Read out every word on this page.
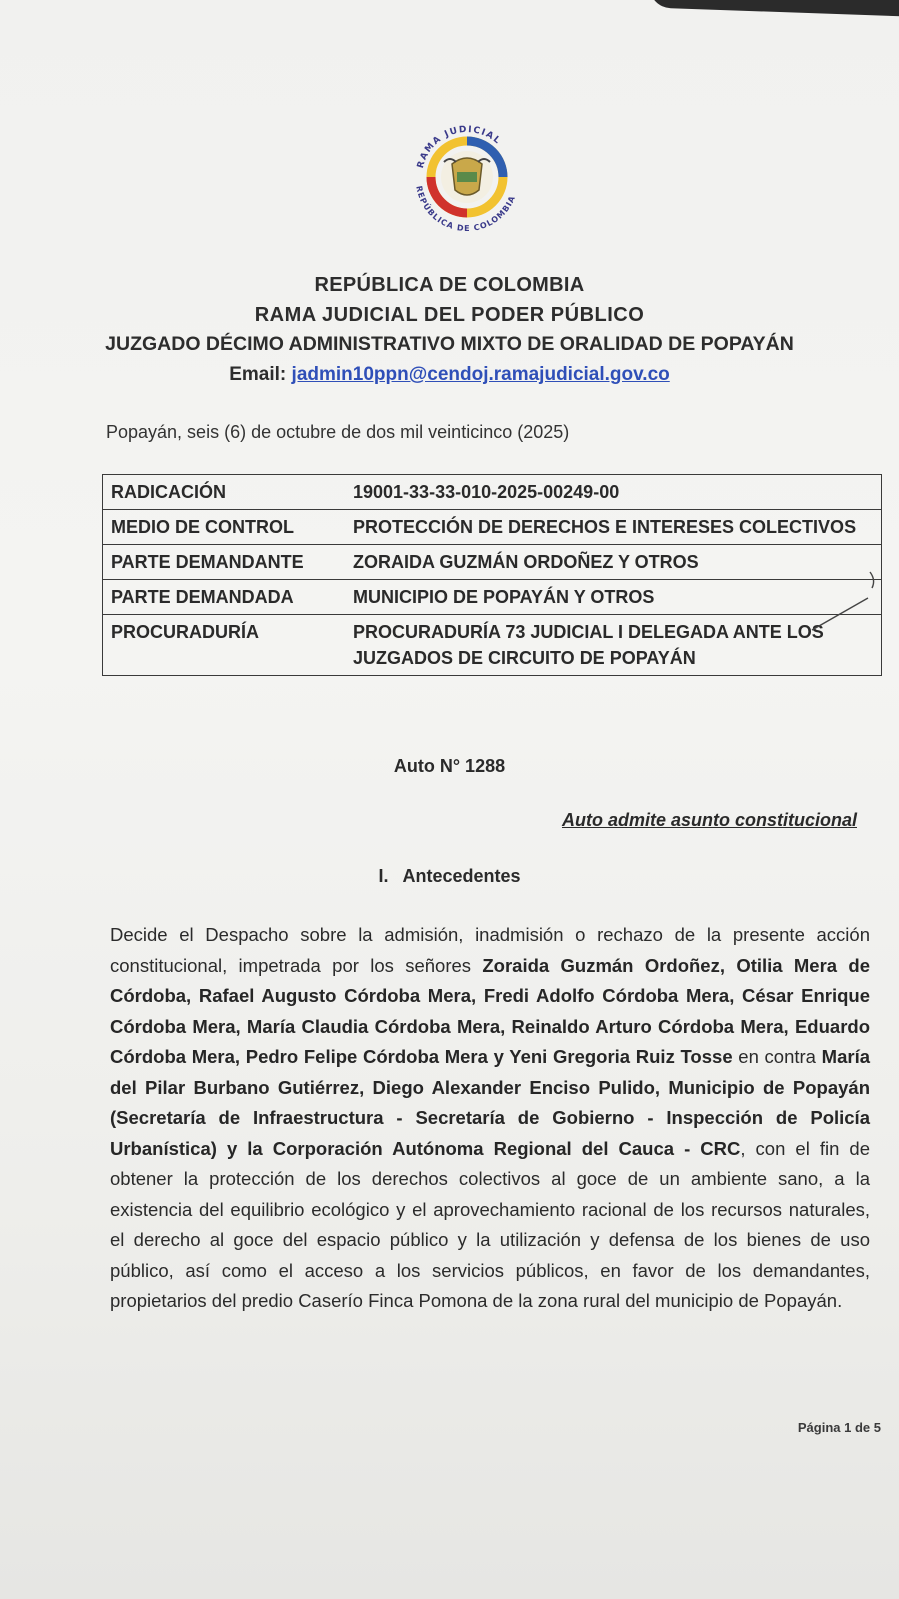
RAMA JUDICIAL
REPÚBLICA DE COLOMBIA
REPÚBLICA DE COLOMBIA
RAMA JUDICIAL DEL PODER PÚBLICO
JUZGADO DÉCIMO ADMINISTRATIVO MIXTO DE ORALIDAD DE POPAYÁN
Email: jadmin10ppn@cendoj.ramajudicial.gov.co
Popayán, seis (6) de octubre de dos mil veinticinco (2025)
RADICACIÓN	19001-33-33-010-2025-00249-00
MEDIO DE CONTROL	PROTECCIÓN DE DERECHOS E INTERESES COLECTIVOS
PARTE DEMANDANTE	ZORAIDA GUZMÁN ORDOÑEZ Y OTROS
PARTE DEMANDADA	MUNICIPIO DE POPAYÁN Y OTROS
PROCURADURÍA	PROCURADURÍA 73 JUDICIAL I DELEGADA ANTE LOS JUZGADOS DE CIRCUITO DE POPAYÁN
Auto N° 1288
Auto admite asunto constitucional
I. Antecedentes
Decide el Despacho sobre la admisión, inadmisión o rechazo de la presente acción constitucional, impetrada por los señores Zoraida Guzmán Ordoñez, Otilia Mera de Córdoba, Rafael Augusto Córdoba Mera, Fredi Adolfo Córdoba Mera, César Enrique Córdoba Mera, María Claudia Córdoba Mera, Reinaldo Arturo Córdoba Mera, Eduardo Córdoba Mera, Pedro Felipe Córdoba Mera y Yeni Gregoria Ruiz Tosse en contra María del Pilar Burbano Gutiérrez, Diego Alexander Enciso Pulido, Municipio de Popayán (Secretaría de Infraestructura - Secretaría de Gobierno - Inspección de Policía Urbanística) y la Corporación Autónoma Regional del Cauca - CRC, con el fin de obtener la protección de los derechos colectivos al goce de un ambiente sano, a la existencia del equilibrio ecológico y el aprovechamiento racional de los recursos naturales, el derecho al goce del espacio público y la utilización y defensa de los bienes de uso público, así como el acceso a los servicios públicos, en favor de los demandantes, propietarios del predio Caserío Finca Pomona de la zona rural del municipio de Popayán.
Página 1 de 5
